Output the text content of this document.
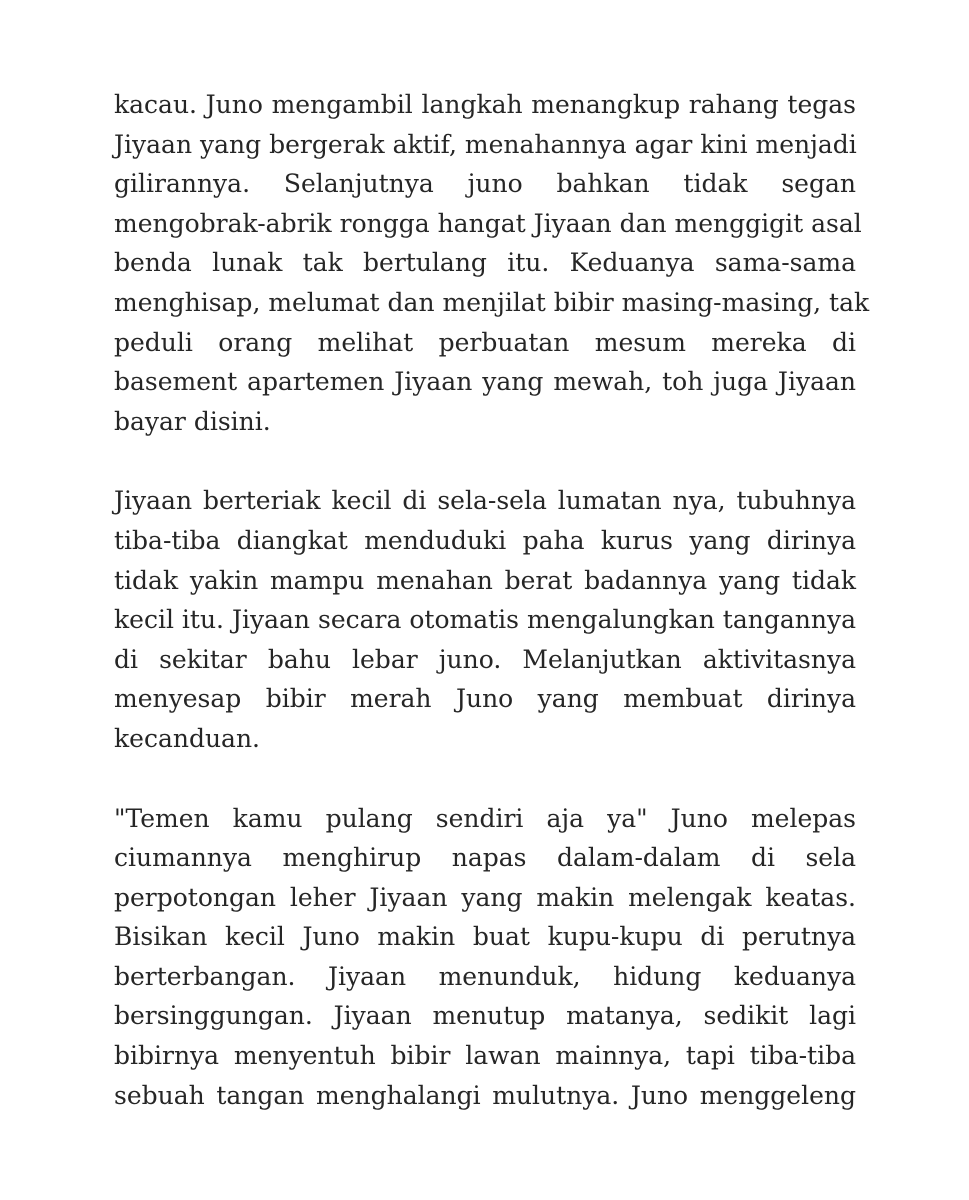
kacau. Juno mengambil langkah menangkup rahang tegas
Jiyaan yang bergerak aktif, menahannya agar kini menjadi
gilirannya. Selanjutnya juno bahkan tidak segan
mengobrak-abrik rongga hangat Jiyaan dan menggigit asal
benda lunak tak bertulang itu. Keduanya sama-sama
menghisap, melumat dan menjilat bibir masing-masing, tak
peduli orang melihat perbuatan mesum mereka di
basement apartemen Jiyaan yang mewah, toh juga Jiyaan
bayar disini.
Jiyaan berteriak kecil di sela-sela lumatan nya, tubuhnya
tiba-tiba diangkat menduduki paha kurus yang dirinya
tidak yakin mampu menahan berat badannya yang tidak
kecil itu. Jiyaan secara otomatis mengalungkan tangannya
di sekitar bahu lebar juno. Melanjutkan aktivitasnya
menyesap bibir merah Juno yang membuat dirinya
kecanduan.
"Temen kamu pulang sendiri aja ya" Juno melepas
ciumannya menghirup napas dalam-dalam di sela
perpotongan leher Jiyaan yang makin melengak keatas.
Bisikan kecil Juno makin buat kupu-kupu di perutnya
berterbangan. Jiyaan menunduk, hidung keduanya
bersinggungan. Jiyaan menutup matanya, sedikit lagi
bibirnya menyentuh bibir lawan mainnya, tapi tiba-tiba
sebuah tangan menghalangi mulutnya. Juno menggeleng
